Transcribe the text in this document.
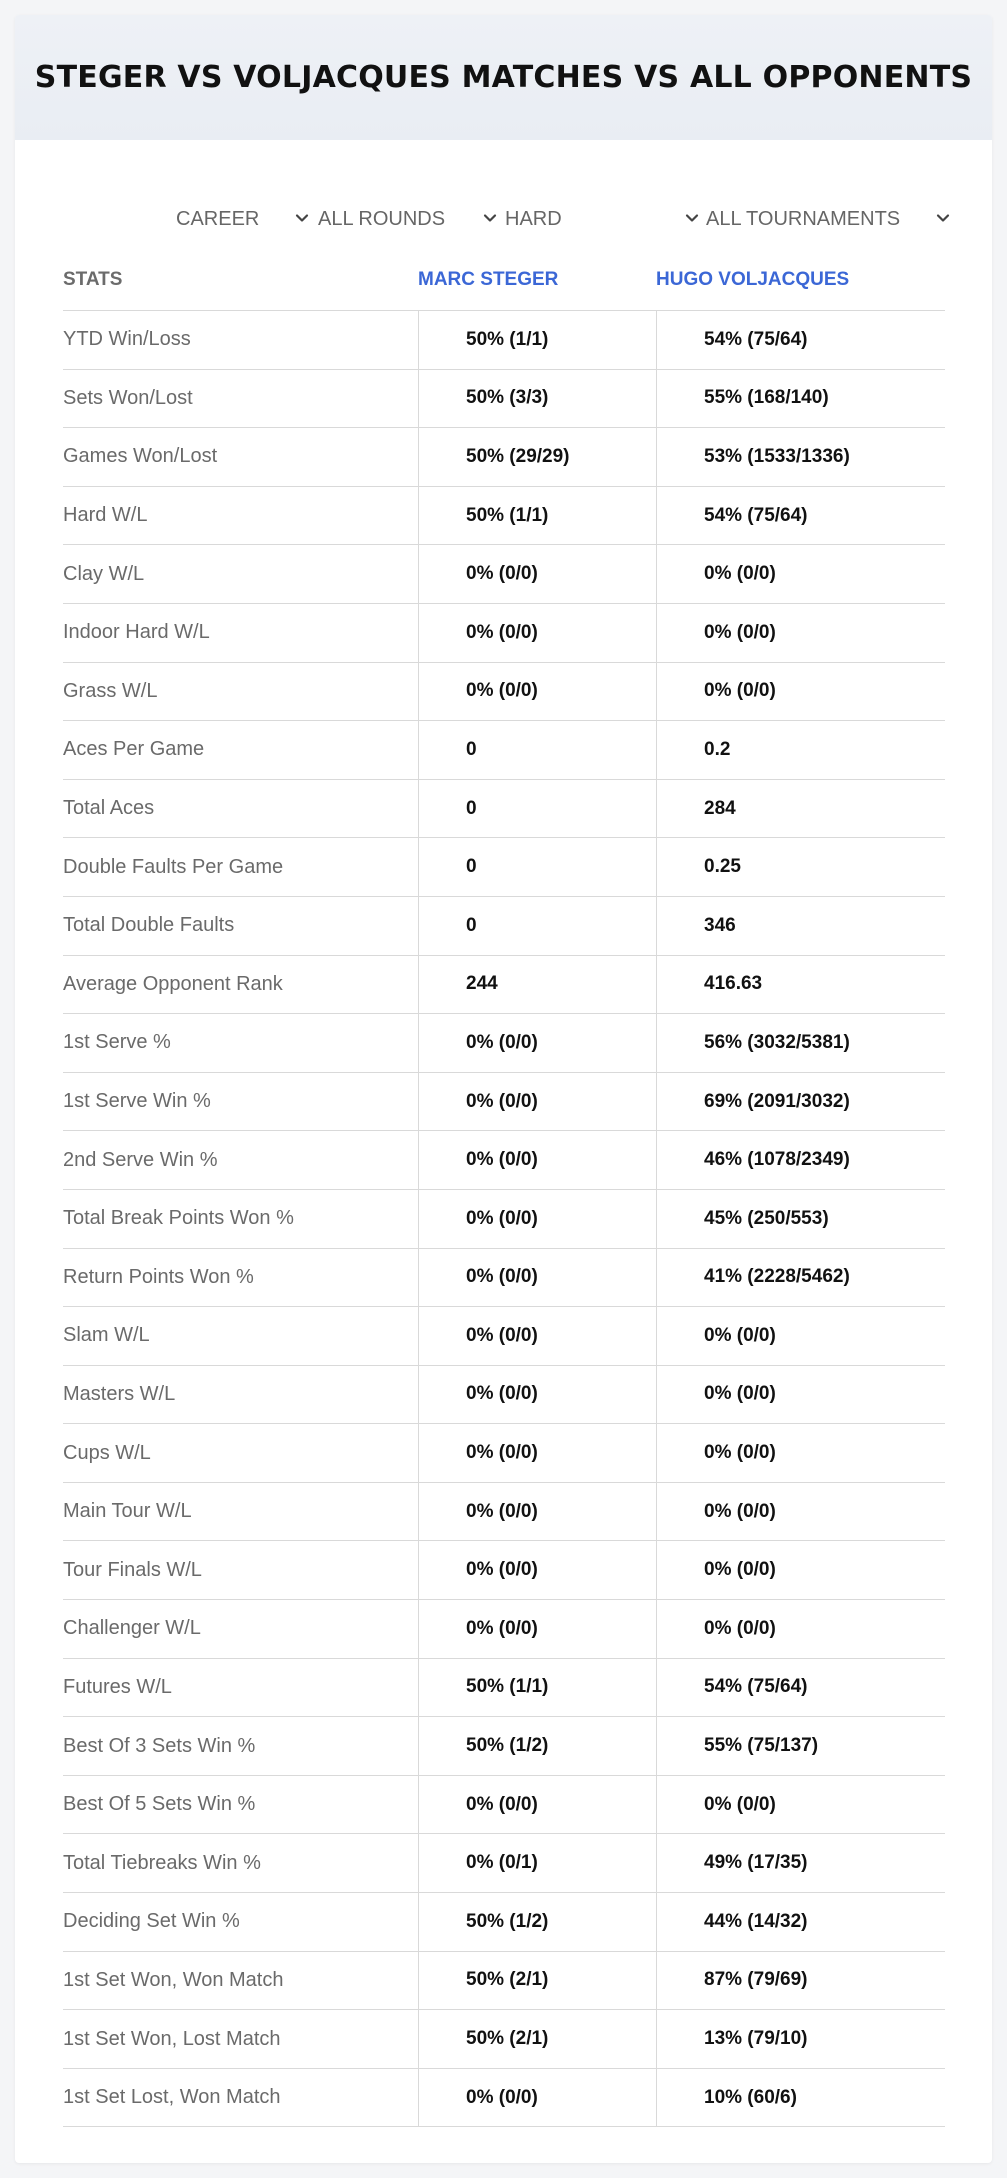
STEGER VS VOLJACQUES MATCHES VS ALL OPPONENTS
CAREER	ALL ROUNDS	HARD	ALL TOURNAMENTS
STATS	MARC STEGER	HUGO VOLJACQUES
YTD Win/Loss	50% (1/1)	54% (75/64)
Sets Won/Lost	50% (3/3)	55% (168/140)
Games Won/Lost	50% (29/29)	53% (1533/1336)
Hard W/L	50% (1/1)	54% (75/64)
Clay W/L	0% (0/0)	0% (0/0)
Indoor Hard W/L	0% (0/0)	0% (0/0)
Grass W/L	0% (0/0)	0% (0/0)
Aces Per Game	0	0.2
Total Aces	0	284
Double Faults Per Game	0	0.25
Total Double Faults	0	346
Average Opponent Rank	244	416.63
1st Serve %	0% (0/0)	56% (3032/5381)
1st Serve Win %	0% (0/0)	69% (2091/3032)
2nd Serve Win %	0% (0/0)	46% (1078/2349)
Total Break Points Won %	0% (0/0)	45% (250/553)
Return Points Won %	0% (0/0)	41% (2228/5462)
Slam W/L	0% (0/0)	0% (0/0)
Masters W/L	0% (0/0)	0% (0/0)
Cups W/L	0% (0/0)	0% (0/0)
Main Tour W/L	0% (0/0)	0% (0/0)
Tour Finals W/L	0% (0/0)	0% (0/0)
Challenger W/L	0% (0/0)	0% (0/0)
Futures W/L	50% (1/1)	54% (75/64)
Best Of 3 Sets Win %	50% (1/2)	55% (75/137)
Best Of 5 Sets Win %	0% (0/0)	0% (0/0)
Total Tiebreaks Win %	0% (0/1)	49% (17/35)
Deciding Set Win %	50% (1/2)	44% (14/32)
1st Set Won, Won Match	50% (2/1)	87% (79/69)
1st Set Won, Lost Match	50% (2/1)	13% (79/10)
1st Set Lost, Won Match	0% (0/0)	10% (60/6)
